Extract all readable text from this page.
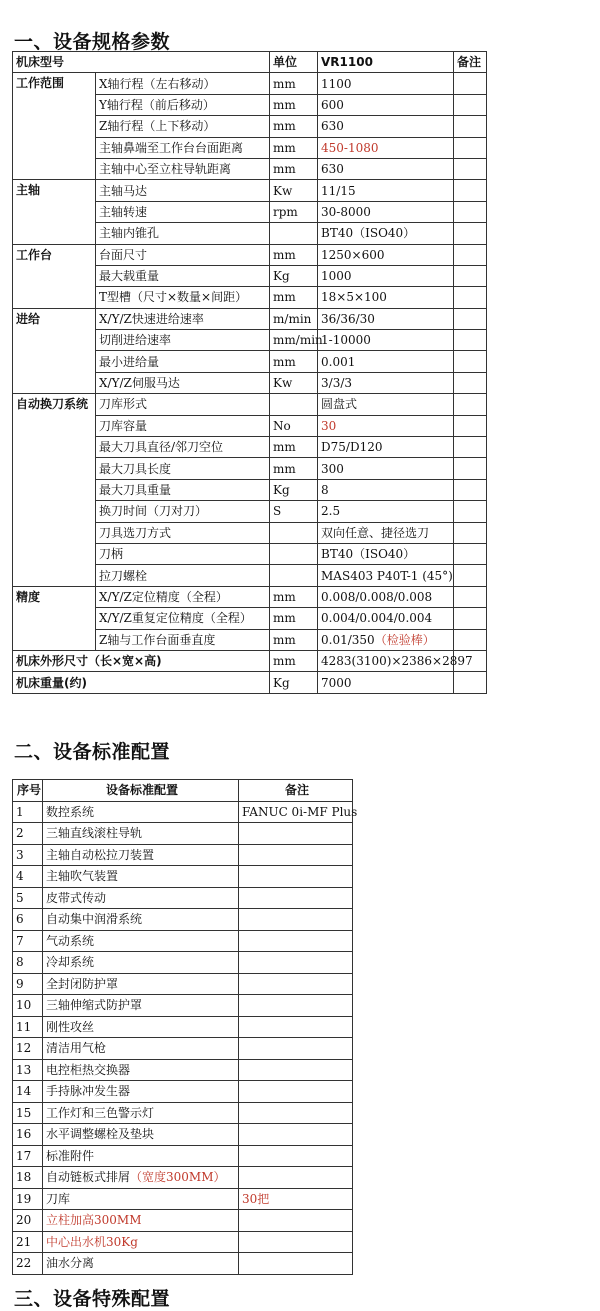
一、设备规格参数
机床型号		单位	VR1100	备注
工作范围	X轴行程（左右移动）	mm	1100	
	Y轴行程（前后移动）	mm	600	
	Z轴行程（上下移动）	mm	630	
	主轴鼻端至工作台台面距离	mm	450-1080	
	主轴中心至立柱导轨距离	mm	630	
主轴	主轴马达	Kw	11/15	
	主轴转速	rpm	30-8000	
	主轴内锥孔		BT40（ISO40）	
工作台	台面尺寸	mm	1250×600	
	最大载重量	Kg	1000	
	T型槽（尺寸×数量×间距）	mm	18×5×100	
进给	X/Y/Z快速进给速率	m/min	36/36/30	
	切削进给速率	mm/min	1-10000	
	最小进给量	mm	0.001	
	X/Y/Z伺服马达	Kw	3/3/3	
自动换刀系统	刀库形式		圆盘式	
	刀库容量	No	30	
	最大刀具直径/邻刀空位	mm	D75/D120	
	最大刀具长度	mm	300	
	最大刀具重量	Kg	8	
	换刀时间（刀对刀）	S	2.5	
	刀具选刀方式		双向任意、捷径选刀	
	刀柄		BT40（ISO40）	
	拉刀螺栓		MAS403 P40T-1 (45°)	
精度	X/Y/Z定位精度（全程）	mm	0.008/0.008/0.008	
	X/Y/Z重复定位精度（全程）	mm	0.004/0.004/0.004	
	Z轴与工作台面垂直度	mm	0.01/350（检验棒）	
机床外形尺寸（长×宽×高)		mm	4283(3100)×2386×2897	
机床重量(约)		Kg	7000	
二、设备标准配置
序号	设备标准配置	备注
1	数控系统	FANUC 0i-MF Plus
2	三轴直线滚柱导轨	
3	主轴自动松拉刀装置	
4	主轴吹气装置	
5	皮带式传动	
6	自动集中润滑系统	
7	气动系统	
8	冷却系统	
9	全封闭防护罩	
10	三轴伸缩式防护罩	
11	刚性攻丝	
12	清洁用气枪	
13	电控柜热交换器	
14	手持脉冲发生器	
15	工作灯和三色警示灯	
16	水平调整螺栓及垫块	
17	标准附件	
18	自动链板式排屑（宽度300MM）	
19	刀库	30把
20	立柱加高300MM	
21	中心出水机30Kg	
22	油水分离	
三、设备特殊配置
